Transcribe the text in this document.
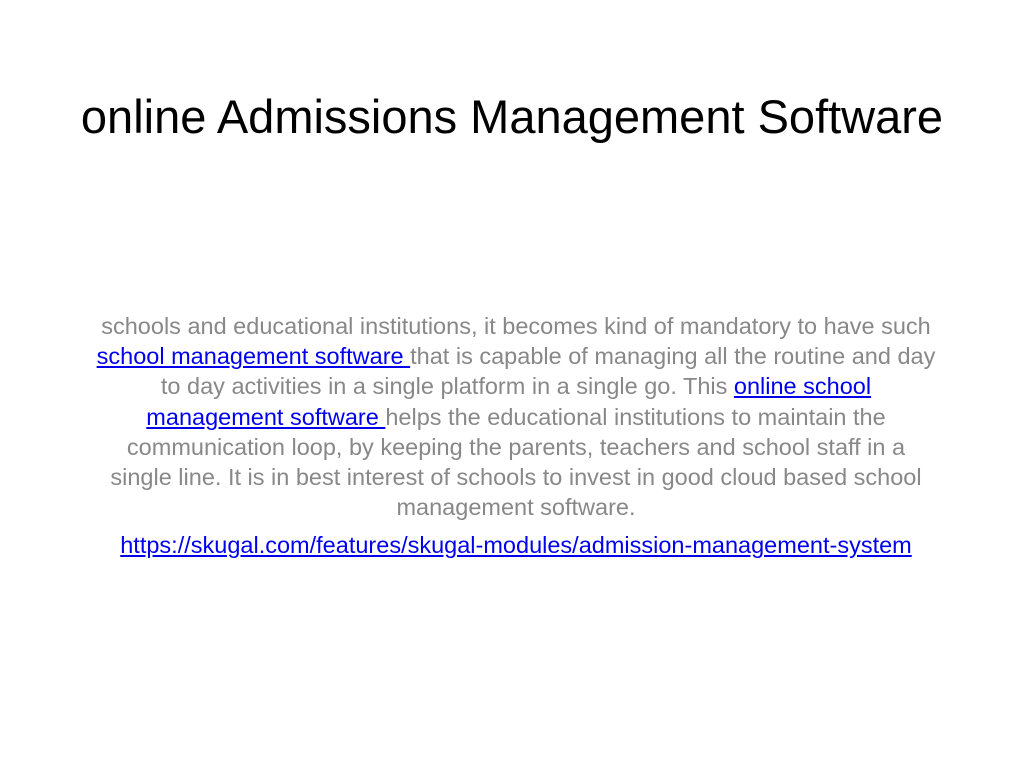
online Admissions Management Software

schools and educational institutions, it becomes kind of mandatory to have such school management software that is capable of managing all the routine and day to day activities in a single platform in a single go. This online school management software helps the educational institutions to maintain the communication loop, by keeping the parents, teachers and school staff in a single line. It is in best interest of schools to invest in good cloud based school management software.

https://skugal.com/features/skugal-modules/admission-management-system
